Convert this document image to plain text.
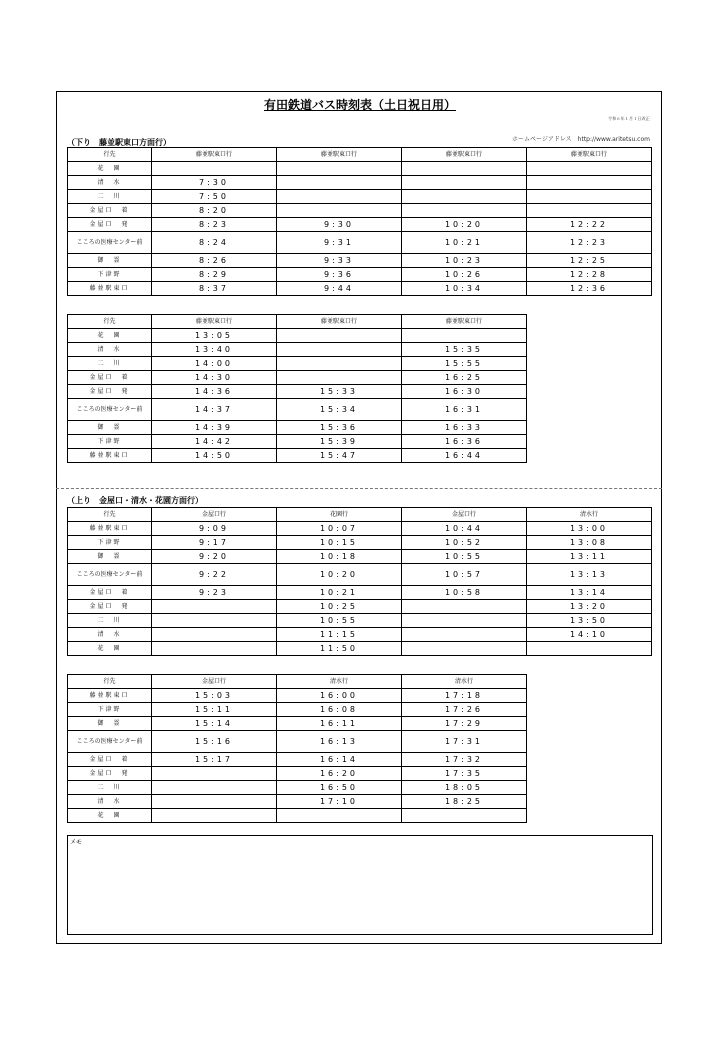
有田鉄道バス時刻表（土日祝日用）
令和６年１月１日改正
ホームページアドレス http://www.aritetsu.com
（下り　藤並駅東口方面行）
行先	藤並駅東口行	藤並駅東口行	藤並駅東口行	藤並駅東口行
花　園				
清　水	7:30			
二　川	7:50			
金屋口　着	8:20			
金屋口　発	8:23	9:30	10:20	12:22
こころの医療センター前	8:24	9:31	10:21	12:23
御　霊	8:26	9:33	10:23	12:25
下津野	8:29	9:36	10:26	12:28
藤並駅東口	8:37	9:44	10:34	12:36
行先	藤並駅東口行	藤並駅東口行	藤並駅東口行
花　園	13:05		
清　水	13:40		15:35
二　川	14:00		15:55
金屋口　着	14:30		16:25
金屋口　発	14:36	15:33	16:30
こころの医療センター前	14:37	15:34	16:31
御　霊	14:39	15:36	16:33
下津野	14:42	15:39	16:36
藤並駅東口	14:50	15:47	16:44
（上り　金屋口・清水・花園方面行）
行先	金屋口行	花園行	金屋口行	清水行
藤並駅東口	9:09	10:07	10:44	13:00
下津野	9:17	10:15	10:52	13:08
御　霊	9:20	10:18	10:55	13:11
こころの医療センター前	9:22	10:20	10:57	13:13
金屋口　着	9:23	10:21	10:58	13:14
金屋口　発		10:25		13:20
二　川		10:55		13:50
清　水		11:15		14:10
花　園		11:50		
行先	金屋口行	清水行	清水行
藤並駅東口	15:03	16:00	17:18
下津野	15:11	16:08	17:26
御　霊	15:14	16:11	17:29
こころの医療センター前	15:16	16:13	17:31
金屋口　着	15:17	16:14	17:32
金屋口　発		16:20	17:35
二　川		16:50	18:05
清　水		17:10	18:25
花　園			
メモ
